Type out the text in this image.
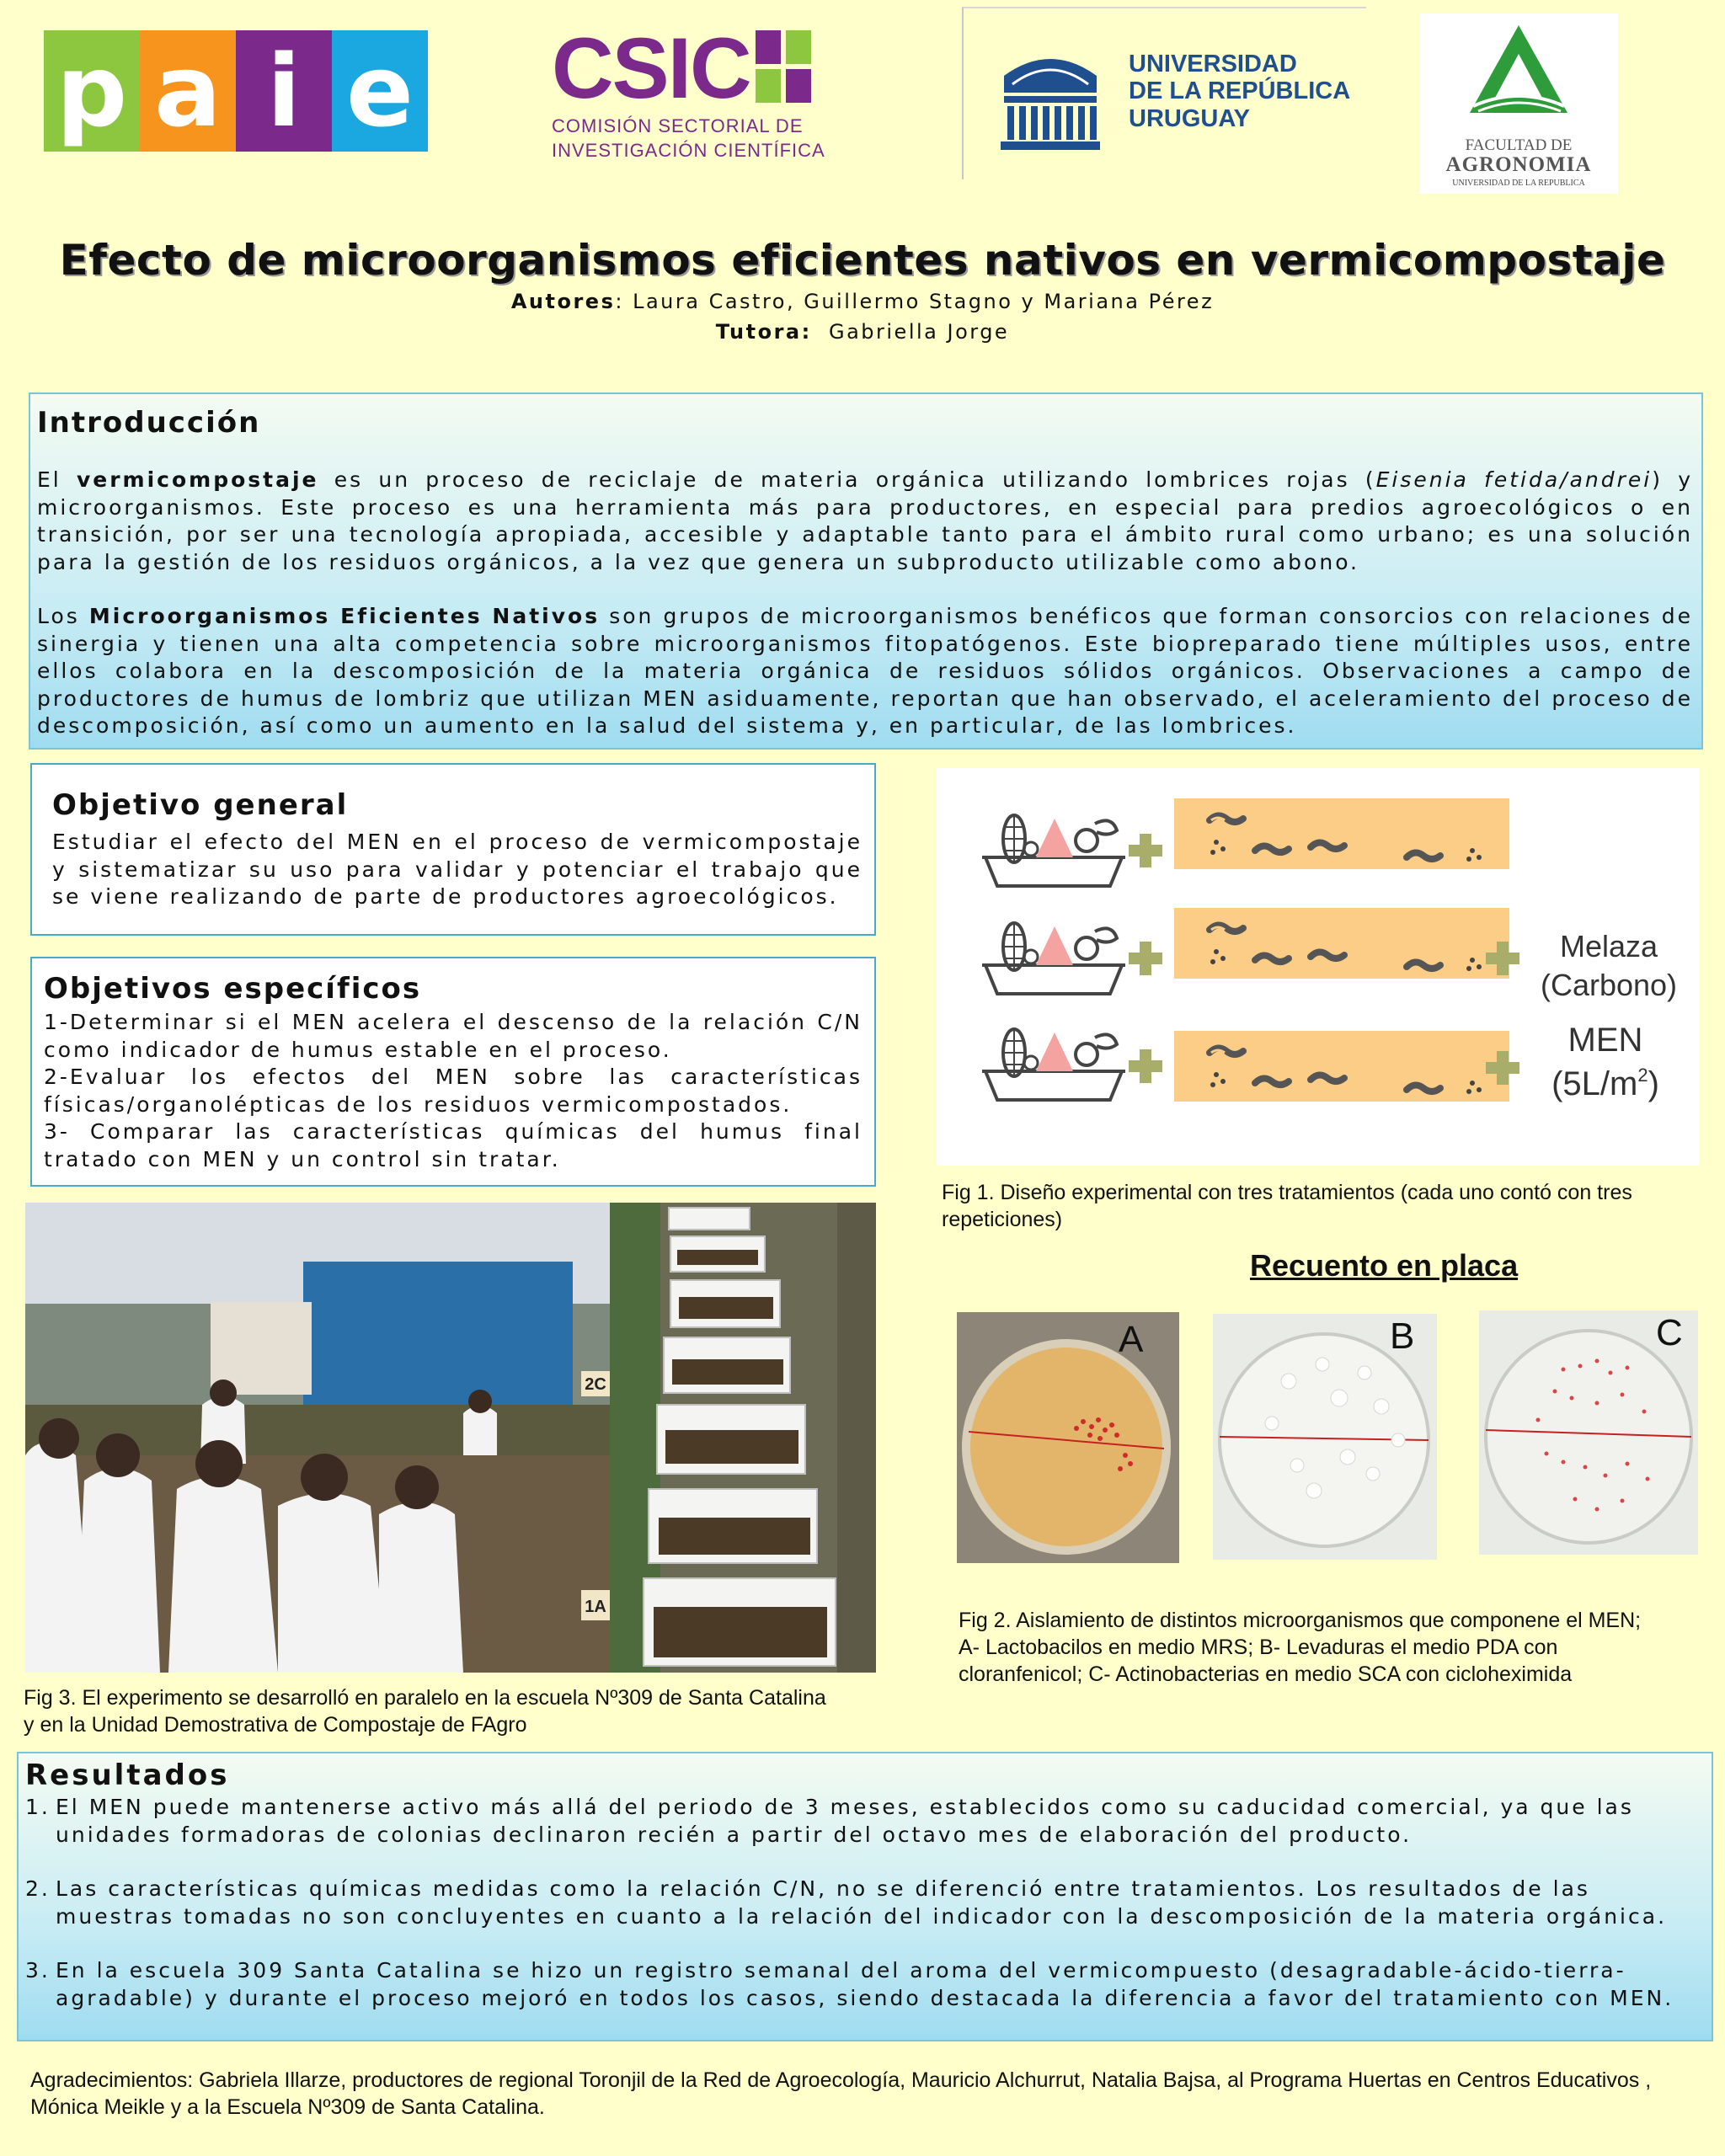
p a i e CSIC
COMISIÓN SECTORIAL DE
INVESTIGACIÓN CIENTÍFICA
UNIVERSIDAD
DE LA REPÚBLICA
URUGUAY
FACULTAD DE
AGRONOMIA
UNIVERSIDAD DE LA REPUBLICA
Efecto de microorganismos eficientes nativos en vermicompostaje
Autores: Laura Castro, Guillermo Stagno y Mariana Pérez
Tutora:  Gabriella Jorge
Introducción

El vermicompostaje es un proceso de reciclaje de materia orgánica utilizando lombrices rojas (Eisenia fetida/andrei) y microorganismos. Este proceso es una herramienta más para productores, en especial para predios agroecológicos o en transición, por ser una tecnología apropiada, accesible y adaptable tanto para el ámbito rural como urbano; es una solución para la gestión de los residuos orgánicos, a la vez que genera un subproducto utilizable como abono.

Los Microorganismos Eficientes Nativos son grupos de microorganismos benéficos que forman consorcios con relaciones de sinergia y tienen una alta competencia sobre microorganismos fitopatógenos. Este biopreparado tiene múltiples usos, entre ellos colabora en la descomposición de la materia orgánica de residuos sólidos orgánicos. Observaciones a campo de productores de humus de lombriz que utilizan MEN asiduamente, reportan que han observado, el aceleramiento del proceso de descomposición, así como un aumento en la salud del sistema y, en particular, de las lombrices.

Objetivo general
Estudiar el efecto del MEN en el proceso de vermicompostaje y sistematizar su uso para validar y potenciar el trabajo que se viene realizando de parte de productores agroecológicos.
Objetivos específicos
1-Determinar si el MEN acelera el descenso de la relación C/N como indicador de humus estable en el proceso.
2-Evaluar los efectos del MEN sobre las características físicas/organolépticas de los residuos vermicompostados.
3- Comparar las características químicas del humus final tratado con MEN y un control sin tratar.
Melaza
(Carbono)
MEN
$(5L/m^2)$
Fig 1. Diseño experimental con tres tratamientos (cada uno contó con tres repeticiones)
Recuento en placa
A	B	C
Fig 2. Aislamiento de distintos microorganismos que componene el MEN;
A- Lactobacilos en medio MRS; B- Levaduras el medio PDA con
cloranfenicol; C- Actinobacterias en medio SCA con cicloheximida
2C
1A
Fig 3. El experimento se desarrolló en paralelo en la escuela Nº309 de Santa Catalina
y en la Unidad Demostrativa de Compostaje de FAgro
Resultados
1. El MEN puede mantenerse activo más allá del periodo de 3 meses, establecidos como su caducidad comercial, ya que las unidades formadoras de colonias declinaron recién a partir del octavo mes de elaboración del producto.
2. Las características químicas medidas como la relación C/N, no se diferenció entre tratamientos. Los resultados de las muestras tomadas no son concluyentes en cuanto a la relación del indicador con la descomposición de la materia orgánica.
3. En la escuela 309 Santa Catalina se hizo un registro semanal del aroma del vermicompuesto (desagradable-ácido-tierra-agradable) y durante el proceso mejoró en todos los casos, siendo destacada la diferencia a favor del tratamiento con MEN.
Agradecimientos: Gabriela Illarze, productores de regional Toronjil de la Red de Agroecología, Mauricio Alchurrut, Natalia Bajsa, al Programa Huertas en Centros Educativos , Mónica Meikle y a la Escuela Nº309 de Santa Catalina.
